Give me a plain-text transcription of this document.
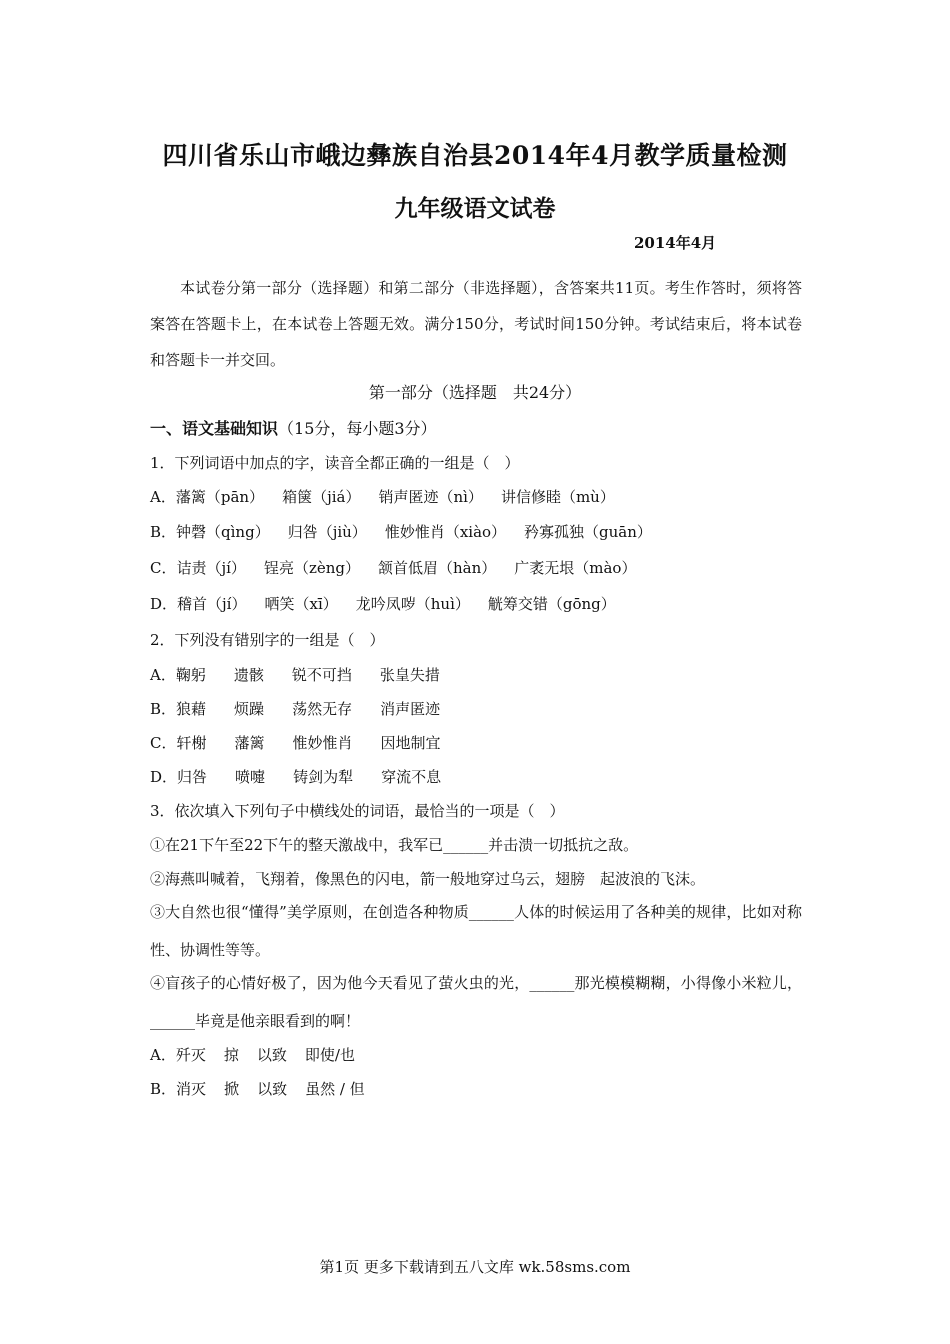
四川省乐山市峨边彝族自治县2014年4月教学质量检测
九年级语文试卷
2014年4月
本试卷分第一部分（选择题）和第二部分（非选择题），含答案共11页。考生作答时，须将答案答在答题卡上，在本试卷上答题无效。满分150分，考试时间150分钟。考试结束后，将本试卷和答题卡一并交回。
第一部分（选择题　共24分）
一、语文基础知识（15分，每小题3分）
1．下列词语中加点的字，读音全都正确的一组是（　）
A．藩篱（pān） 箱箧（jiá） 销声匿迹（nì） 讲信修睦（mù）
B．钟磬（qìng） 归咎（jiù） 惟妙惟肖（xiào） 矜寡孤独（guān）
C．诘责（jí） 锃亮（zèng） 颔首低眉（hàn） 广袤无垠（mào）
D．稽首（jí） 哂笑（xī） 龙吟凤哕（huì） 觥筹交错（gōng）
2．下列没有错别字的一组是（　）
A．鞠躬 遗骸 锐不可挡 张皇失措
B．狼藉 烦躁 荡然无存 消声匿迹
C．轩榭 藩篱 惟妙惟肖 因地制宜
D．归咎 喷嚏 铸剑为犁 穿流不息
3．依次填入下列句子中横线处的词语，最恰当的一项是（　）
①在21下午至22下午的整天激战中，我军已______并击溃一切抵抗之敌。
②海燕叫喊着，飞翔着，像黑色的闪电，箭一般地穿过乌云，翅膀　起波浪的飞沫。
③大自然也很“懂得”美学原则，在创造各种物质______人体的时候运用了各种美的规律，比如对称性、协调性等等。
④盲孩子的心情好极了，因为他今天看见了萤火虫的光，______那光模模糊糊，小得像小米粒儿，______毕竟是他亲眼看到的啊！
A．歼灭 掠 以致 即使/也
B．消灭 掀 以致 虽然 / 但
第1页 更多下载请到五八文库 wk.58sms.com
